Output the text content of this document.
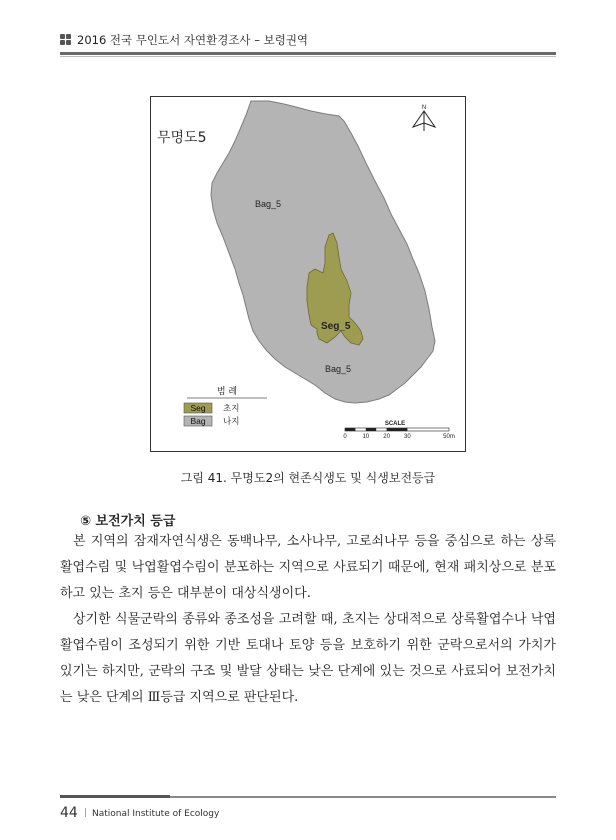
2016 전국 무인도서 자연환경조사 – 보령권역
N
무명도5
Bag_5
Seg_5
Bag_5
범 례
Seg 초지
Bag 나지	SCALE
0	10 20 30	50m
그림 41. 무명도2의 현존식생도 및 식생보전등급
⑤ 보전가치 등급
본 지역의 잠재자연식생은 동백나무, 소사나무, 고로쇠나무 등을 중심으로 하는 상록활엽수림 및 낙엽활엽수림이 분포하는 지역으로 사료되기 때문에, 현재 패치상으로 분포하고 있는 초지 등은 대부분이 대상식생이다.
상기한 식물군락의 종류와 종조성을 고려할 때, 초지는 상대적으로 상록활엽수나 낙엽활엽수림이 조성되기 위한 기반 토대나 토양 등을 보호하기 위한 군락으로서의 가치가 있기는 하지만, 군락의 구조 및 발달 상태는 낮은 단계에 있는 것으로 사료되어 보전가치는 낮은 단계의 Ⅲ등급 지역으로 판단된다.
44 | National Institute of Ecology
